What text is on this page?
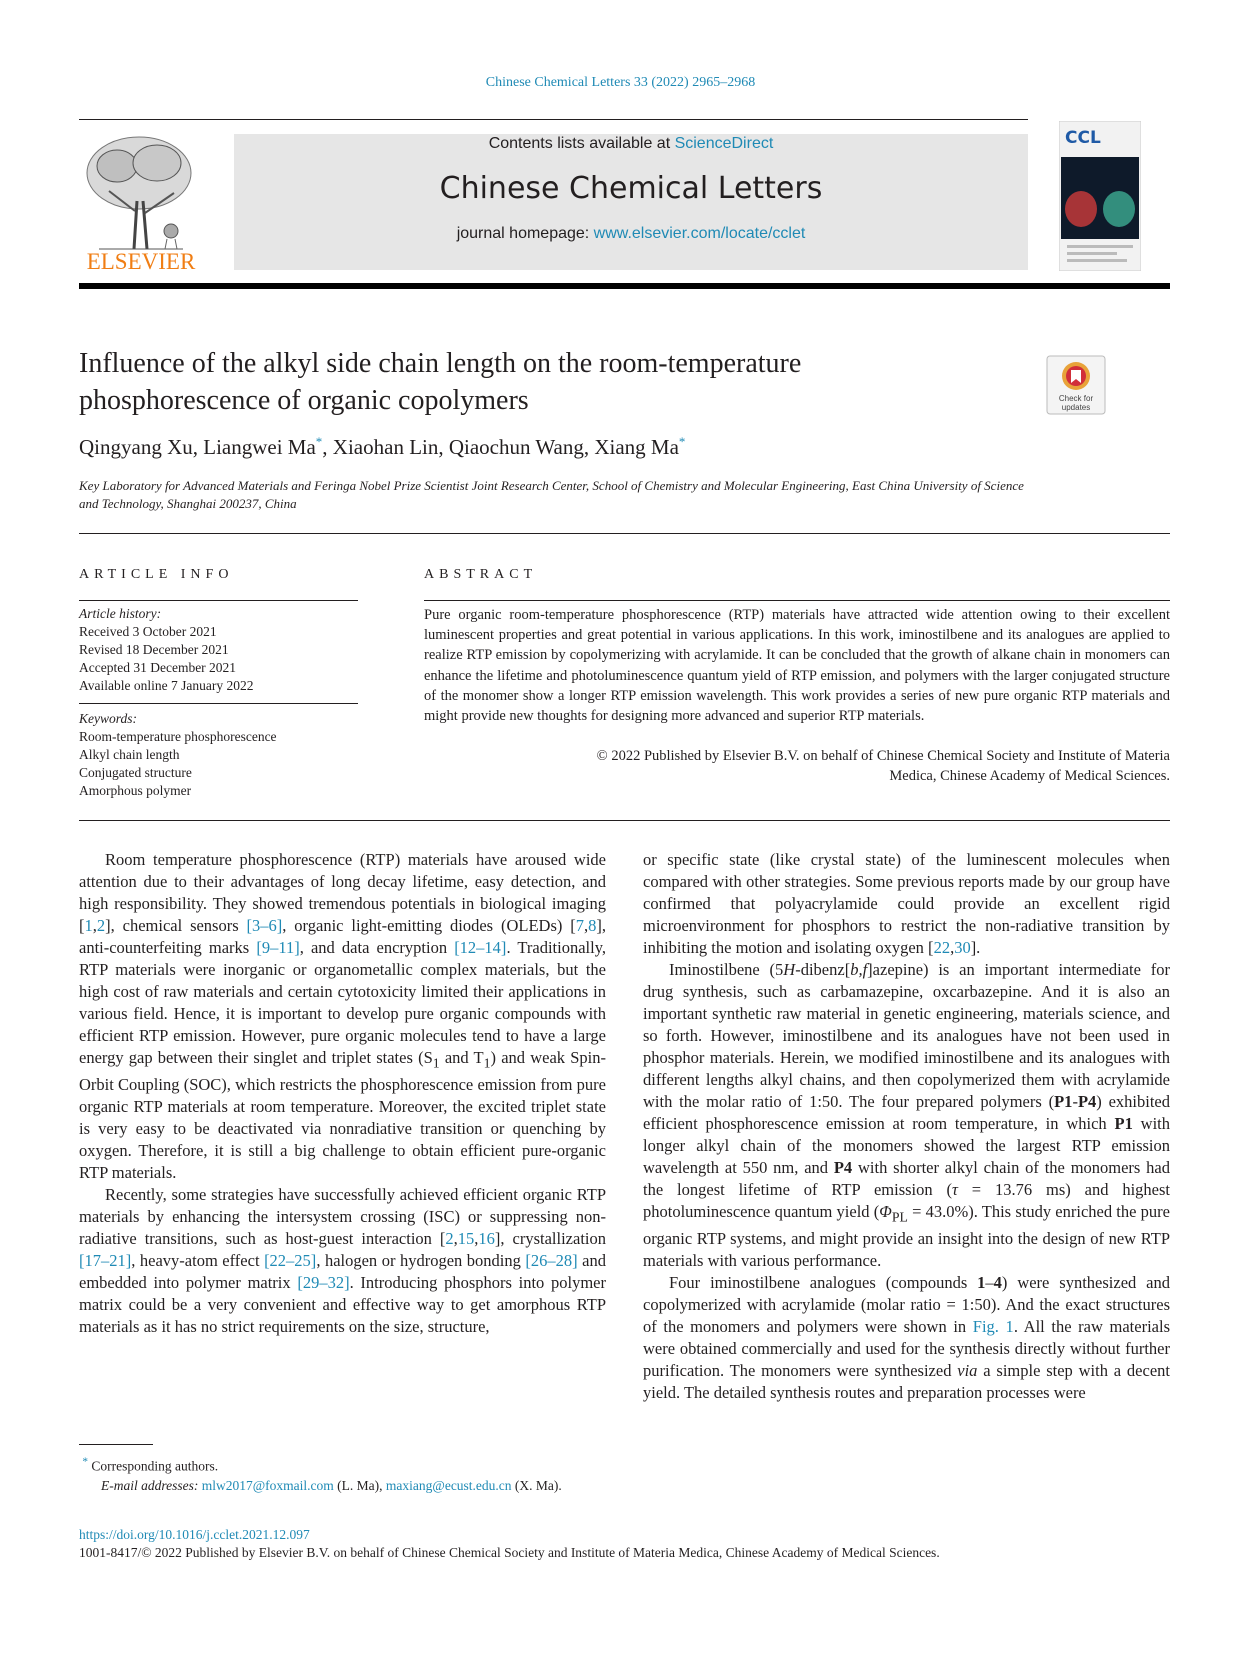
Chinese Chemical Letters 33 (2022) 2965–2968
ELSEVIER
Contents lists available at ScienceDirect
Chinese Chemical Letters
journal homepage: www.elsevier.com/locate/cclet
CCL
Influence of the alkyl side chain length on the room-temperature phosphorescence of organic copolymers	Check for
updates
Qingyang Xu, Liangwei Ma*, Xiaohan Lin, Qiaochun Wang, Xiang Ma*
Key Laboratory for Advanced Materials and Feringa Nobel Prize Scientist Joint Research Center, School of Chemistry and Molecular Engineering, East China University of Science and Technology, Shanghai 200237, China
ARTICLE INFO	ABSTRACT
Article history:
Received 3 October 2021
Revised 18 December 2021
Accepted 31 December 2021
Available online 7 January 2022
Keywords:
Room-temperature phosphorescence
Alkyl chain length
Conjugated structure
Amorphous polymer
Pure organic room-temperature phosphorescence (RTP) materials have attracted wide attention owing to their excellent luminescent properties and great potential in various applications. In this work, iminostilbene and its analogues are applied to realize RTP emission by copolymerizing with acrylamide. It can be concluded that the growth of alkane chain in monomers can enhance the lifetime and photoluminescence quantum yield of RTP emission, and polymers with the larger conjugated structure of the monomer show a longer RTP emission wavelength. This work provides a series of new pure organic RTP materials and might provide new thoughts for designing more advanced and superior RTP materials.
© 2022 Published by Elsevier B.V. on behalf of Chinese Chemical Society and Institute of Materia
Medica, Chinese Academy of Medical Sciences.

Room temperature phosphorescence (RTP) materials have aroused wide attention due to their advantages of long decay lifetime, easy detection, and high responsibility. They showed tremendous potentials in biological imaging [1,2], chemical sensors [3–6], organic light-emitting diodes (OLEDs) [7,8], anti-counterfeiting marks [9–11], and data encryption [12–14]. Traditionally, RTP materials were inorganic or organometallic complex materials, but the high cost of raw materials and certain cytotoxicity limited their applications in various field. Hence, it is important to develop pure organic compounds with efficient RTP emission. However, pure organic molecules tend to have a large energy gap between their singlet and triplet states ($S_1$ and $T_1$) and weak Spin-Orbit Coupling (SOC), which restricts the phosphorescence emission from pure organic RTP materials at room temperature. Moreover, the excited triplet state is very easy to be deactivated via nonradiative transition or quenching by oxygen. Therefore, it is still a big challenge to obtain efficient pure-organic RTP materials.

Recently, some strategies have successfully achieved efficient organic RTP materials by enhancing the intersystem crossing (ISC) or suppressing non-radiative transitions, such as host-guest interaction [2,15,16], crystallization [17–21], heavy-atom effect [22–25], halogen or hydrogen bonding [26–28] and embedded into polymer matrix [29–32]. Introducing phosphors into polymer matrix could be a very convenient and effective way to get amorphous RTP materials as it has no strict requirements on the size, structure,

or specific state (like crystal state) of the luminescent molecules when compared with other strategies. Some previous reports made by our group have confirmed that polyacrylamide could provide an excellent rigid microenvironment for phosphors to restrict the non-radiative transition by inhibiting the motion and isolating oxygen [22,30].

Iminostilbene (5H-dibenz[b,f]azepine) is an important intermediate for drug synthesis, such as carbamazepine, oxcarbazepine. And it is also an important synthetic raw material in genetic engineering, materials science, and so forth. However, iminostilbene and its analogues have not been used in phosphor materials. Herein, we modified iminostilbene and its analogues with different lengths alkyl chains, and then copolymerized them with acrylamide with the molar ratio of 1:50. The four prepared polymers (P1-P4) exhibited efficient phosphorescence emission at room temperature, in which P1 with longer alkyl chain of the monomers showed the largest RTP emission wavelength at 550 nm, and P4 with shorter alkyl chain of the monomers had the longest lifetime of RTP emission (τ = 13.76 ms) and highest photoluminescence quantum yield $(\Phi_{PL} = 43.0\%)$. This study enriched the pure organic RTP systems, and might provide an insight into the design of new RTP materials with various performance.

Four iminostilbene analogues (compounds 1–4) were synthesized and copolymerized with acrylamide (molar ratio = 1:50). And the exact structures of the monomers and polymers were shown in Fig. 1. All the raw materials were obtained commercially and used for the synthesis directly without further purification. The monomers were synthesized via a simple step with a decent yield. The detailed synthesis routes and preparation processes were

* Corresponding authors.
E-mail addresses: mlw2017@foxmail.com (L. Ma), maxiang@ecust.edu.cn (X. Ma).
https://doi.org/10.1016/j.cclet.2021.12.097
1001-8417/© 2022 Published by Elsevier B.V. on behalf of Chinese Chemical Society and Institute of Materia Medica, Chinese Academy of Medical Sciences.
